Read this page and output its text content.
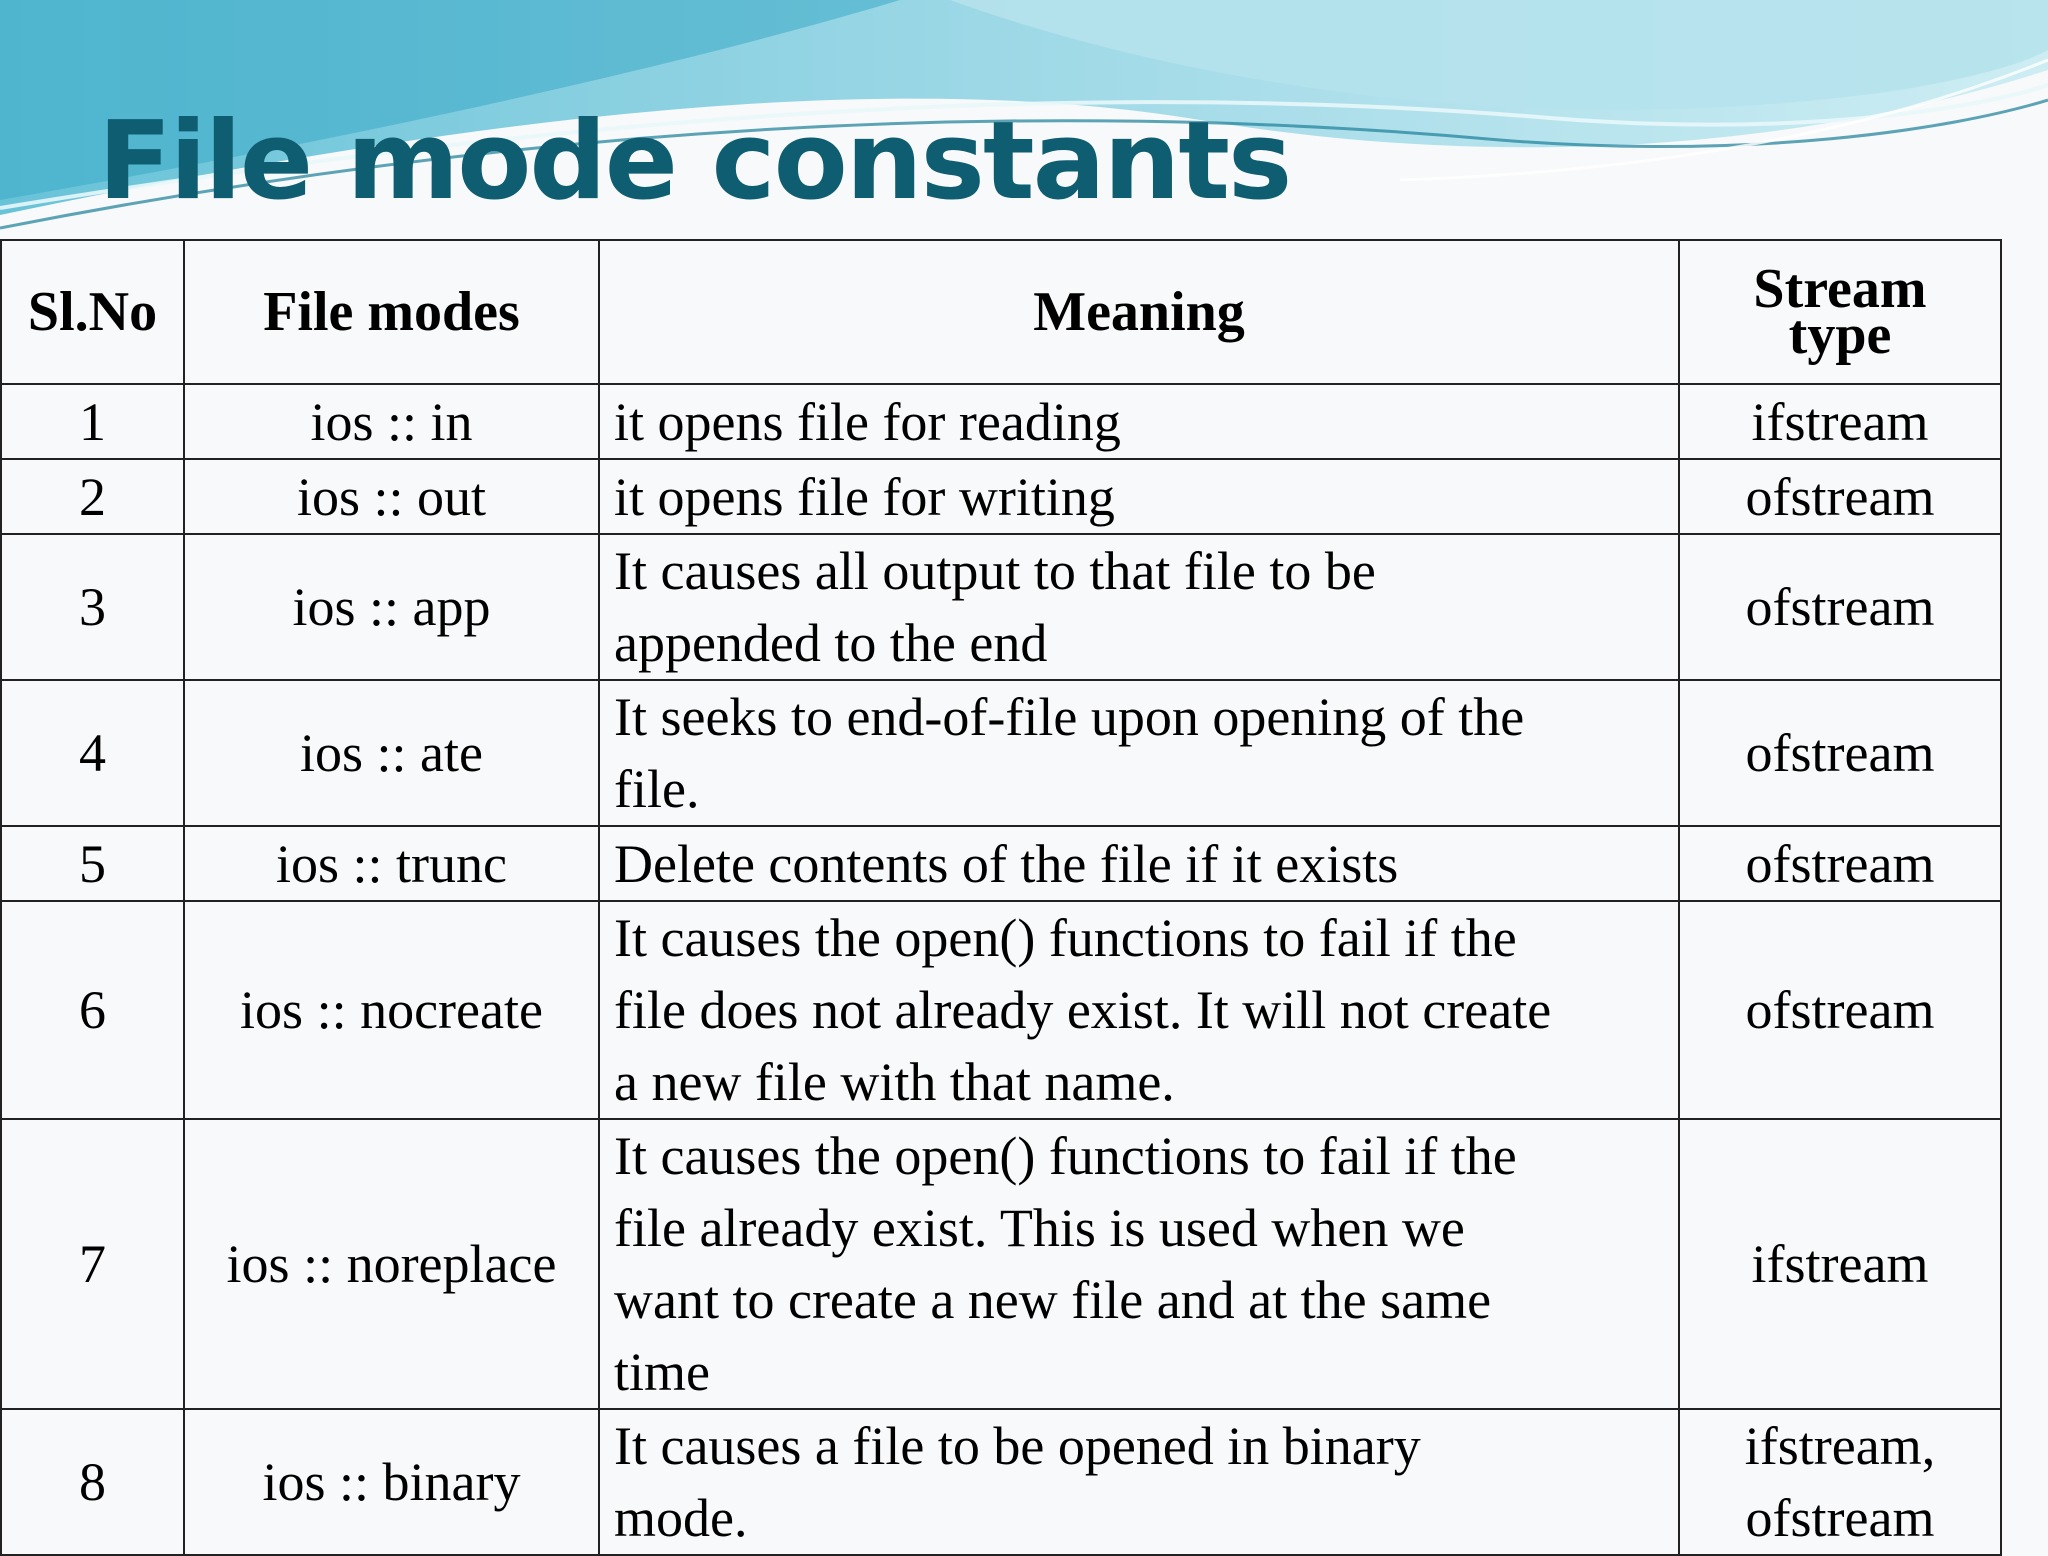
File mode constants
Sl.No	File modes	Meaning	Stream
type

1	ios :: in	it opens file for reading	ifstream

2	ios :: out	it opens file for writing	ofstream

3	ios :: app	It causes all output to that file to be
appended to the end	ofstream

4	ios :: ate	It seeks to end-of-file upon opening of the
file.	ofstream

5	ios :: trunc	Delete contents of the file if it exists	ofstream

6	ios :: nocreate	It causes the open() functions to fail if the
file does not already exist. It will not create
a new file with that name.	ofstream

7	ios :: noreplace	It causes the open() functions to fail if the
file already exist. This is used when we
want to create a new file and at the same
time	ifstream

8	ios :: binary	It causes a file to be opened in binary
mode.	ifstream,
ofstream
